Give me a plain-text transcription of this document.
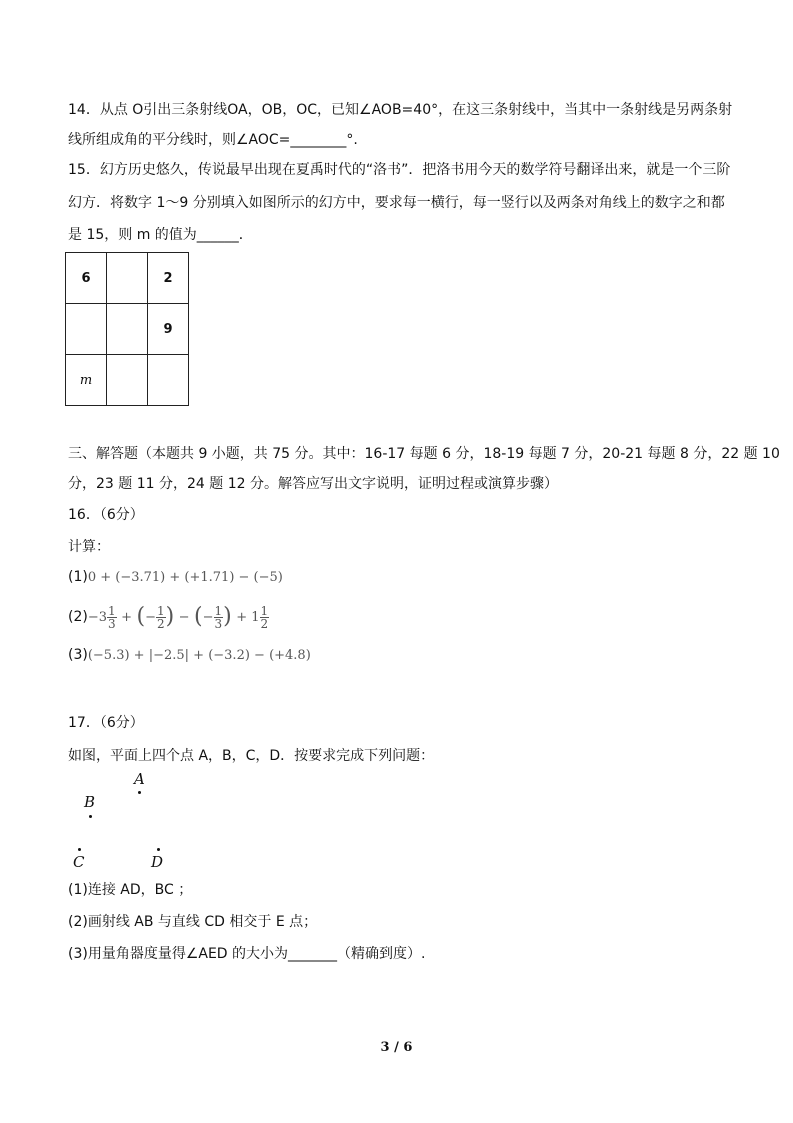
14．从点 O引出三条射线OA，OB，OC，已知∠AOB=40°，在这三条射线中，当其中一条射线是另两条射
线所组成角的平分线时，则∠AOC=________°.
15．幻方历史悠久，传说最早出现在夏禹时代的“洛书”．把洛书用今天的数学符号翻译出来，就是一个三阶
幻方．将数字 1～9 分别填入如图所示的幻方中，要求每一横行，每一竖行以及两条对角线上的数字之和都
是 15，则 m 的值为______．
6		2
		9
m		
三、解答题（本题共 9 小题，共 75 分。其中：16-17 每题 6 分，18-19 每题 7 分，20-21 每题 8 分，22 题 10
分，23 题 11 分，24 题 12 分。解答应写出文字说明，证明过程或演算步骤）
16．（6分）
计算：
(1)0 + (−3.71) + (+1.71) − (−5)
$(2)-3 \frac{1}{3}$ + (− $\frac{1}{2}$ ) − (− $\frac{1}{3}$ ) + $1 \frac{1}{2}$
(3)(−5.3) + |−2.5| + (−3.2) − (+4.8)
17．（6分）
如图，平面上四个点 A，B，C，D．按要求完成下列问题：
A
B
C	D
(1)连接 AD，BC ；
(2)画射线 AB 与直线 CD 相交于 E 点；
(3)用量角器度量得∠AED 的大小为_______（精确到度）.
3 / 6
